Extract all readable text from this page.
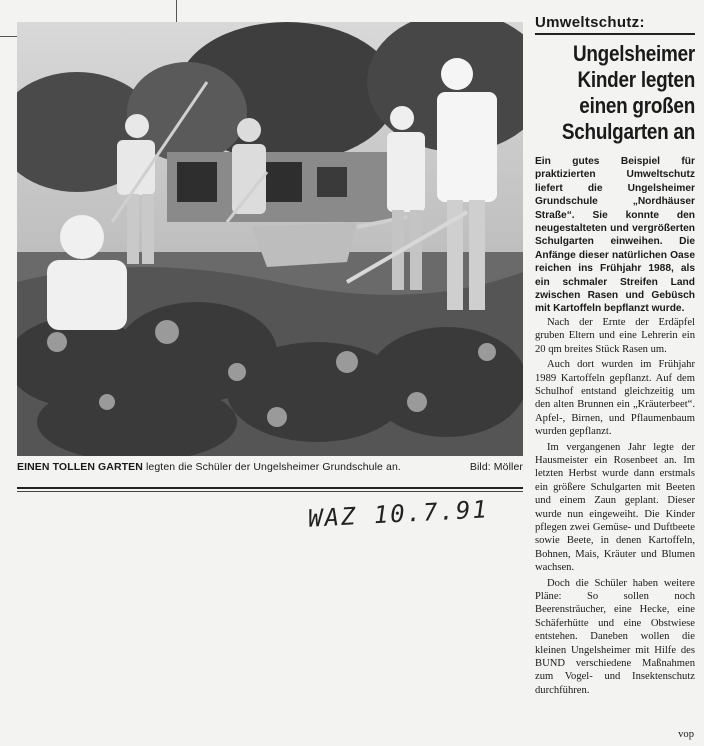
EINEN TOLLEN GARTEN legten die Schüler der Ungelsheimer Grundschule an.	Bild: Möller
WAZ 10.7.91
Umweltschutz:
Ungelsheimer
Kinder legten
einen großen
Schulgarten an
Ein gutes Beispiel für praktizierten Umweltschutz liefert die Ungelsheimer Grundschule „Nordhäuser Straße“. Sie konnte den neugestalteten und vergrößerten Schulgarten einweihen. Die Anfänge dieser natürlichen Oase reichen ins Frühjahr 1988, als ein schmaler Streifen Land zwischen Rasen und Gebüsch mit Kartoffeln bepflanzt wurde.

Nach der Ernte der Erdäpfel gruben Eltern und eine Lehrerin ein 20 qm breites Stück Rasen um.

Auch dort wurden im Frühjahr 1989 Kartoffeln gepflanzt. Auf dem Schulhof entstand gleichzeitig um den alten Brunnen ein „Kräuterbeet“. Apfel-, Birnen, und Pflaumenbaum wurden gepflanzt.

Im vergangenen Jahr legte der Hausmeister ein Rosenbeet an. Im letzten Herbst wurde dann erstmals ein größere Schulgarten mit Beeten und einem Zaun geplant. Dieser wurde nun eingeweiht. Die Kinder pflegen zwei Gemüse- und Duftbeete sowie Beete, in denen Kartoffeln, Bohnen, Mais, Kräuter und Blumen wachsen.

Doch die Schüler haben weitere Pläne: So sollen noch Beerensträucher, eine Hecke, eine Schäferhütte und eine Obstwiese entstehen. Daneben wollen die kleinen Ungelsheimer mit Hilfe des BUND verschiedene Maßnahmen zum Vogel- und Insektenschutz durchführen.

vop
